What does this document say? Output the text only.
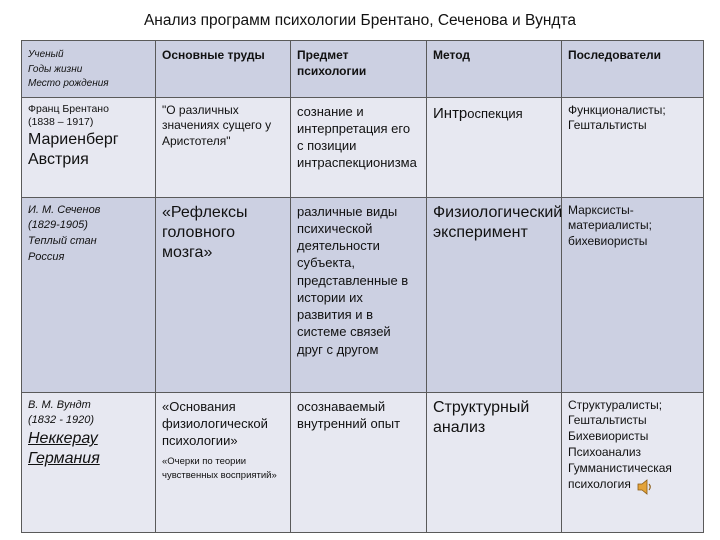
Анализ программ психологии Брентано, Сеченова и Вундта
Ученый
Годы жизни
Место рождения	Основные труды	Предмет психологии	Метод	Последователи

Франц Брентано
(1838 – 1917)
Мариенберг Австрия	"О различных значениях сущего у Аристотеля"	сознание и интерпретация его с позиции интраспекционизма	Интроспекция	Функционалисты; Гештальтисты

И. М. Сеченов
(1829-1905)
Теплый стан
Россия	«Рефлексы головного мозга»	различные виды психической деятельности субъекта, представленные в истории их развития и в системе связей друг с другом	Физиологический эксперимент	Марксисты-материалисты; бихевиористы

В. М. Вундт
(1832 - 1920)
Неккерау
Германия	«Основания физиологической психологии»
«Очерки по теории чувственных восприятий»	осознаваемый внутренний опыт	Структурный анализ	Структуралисты;
Гештальтисты
Бихевиористы
Психоанализ
Гумманистическая психология
